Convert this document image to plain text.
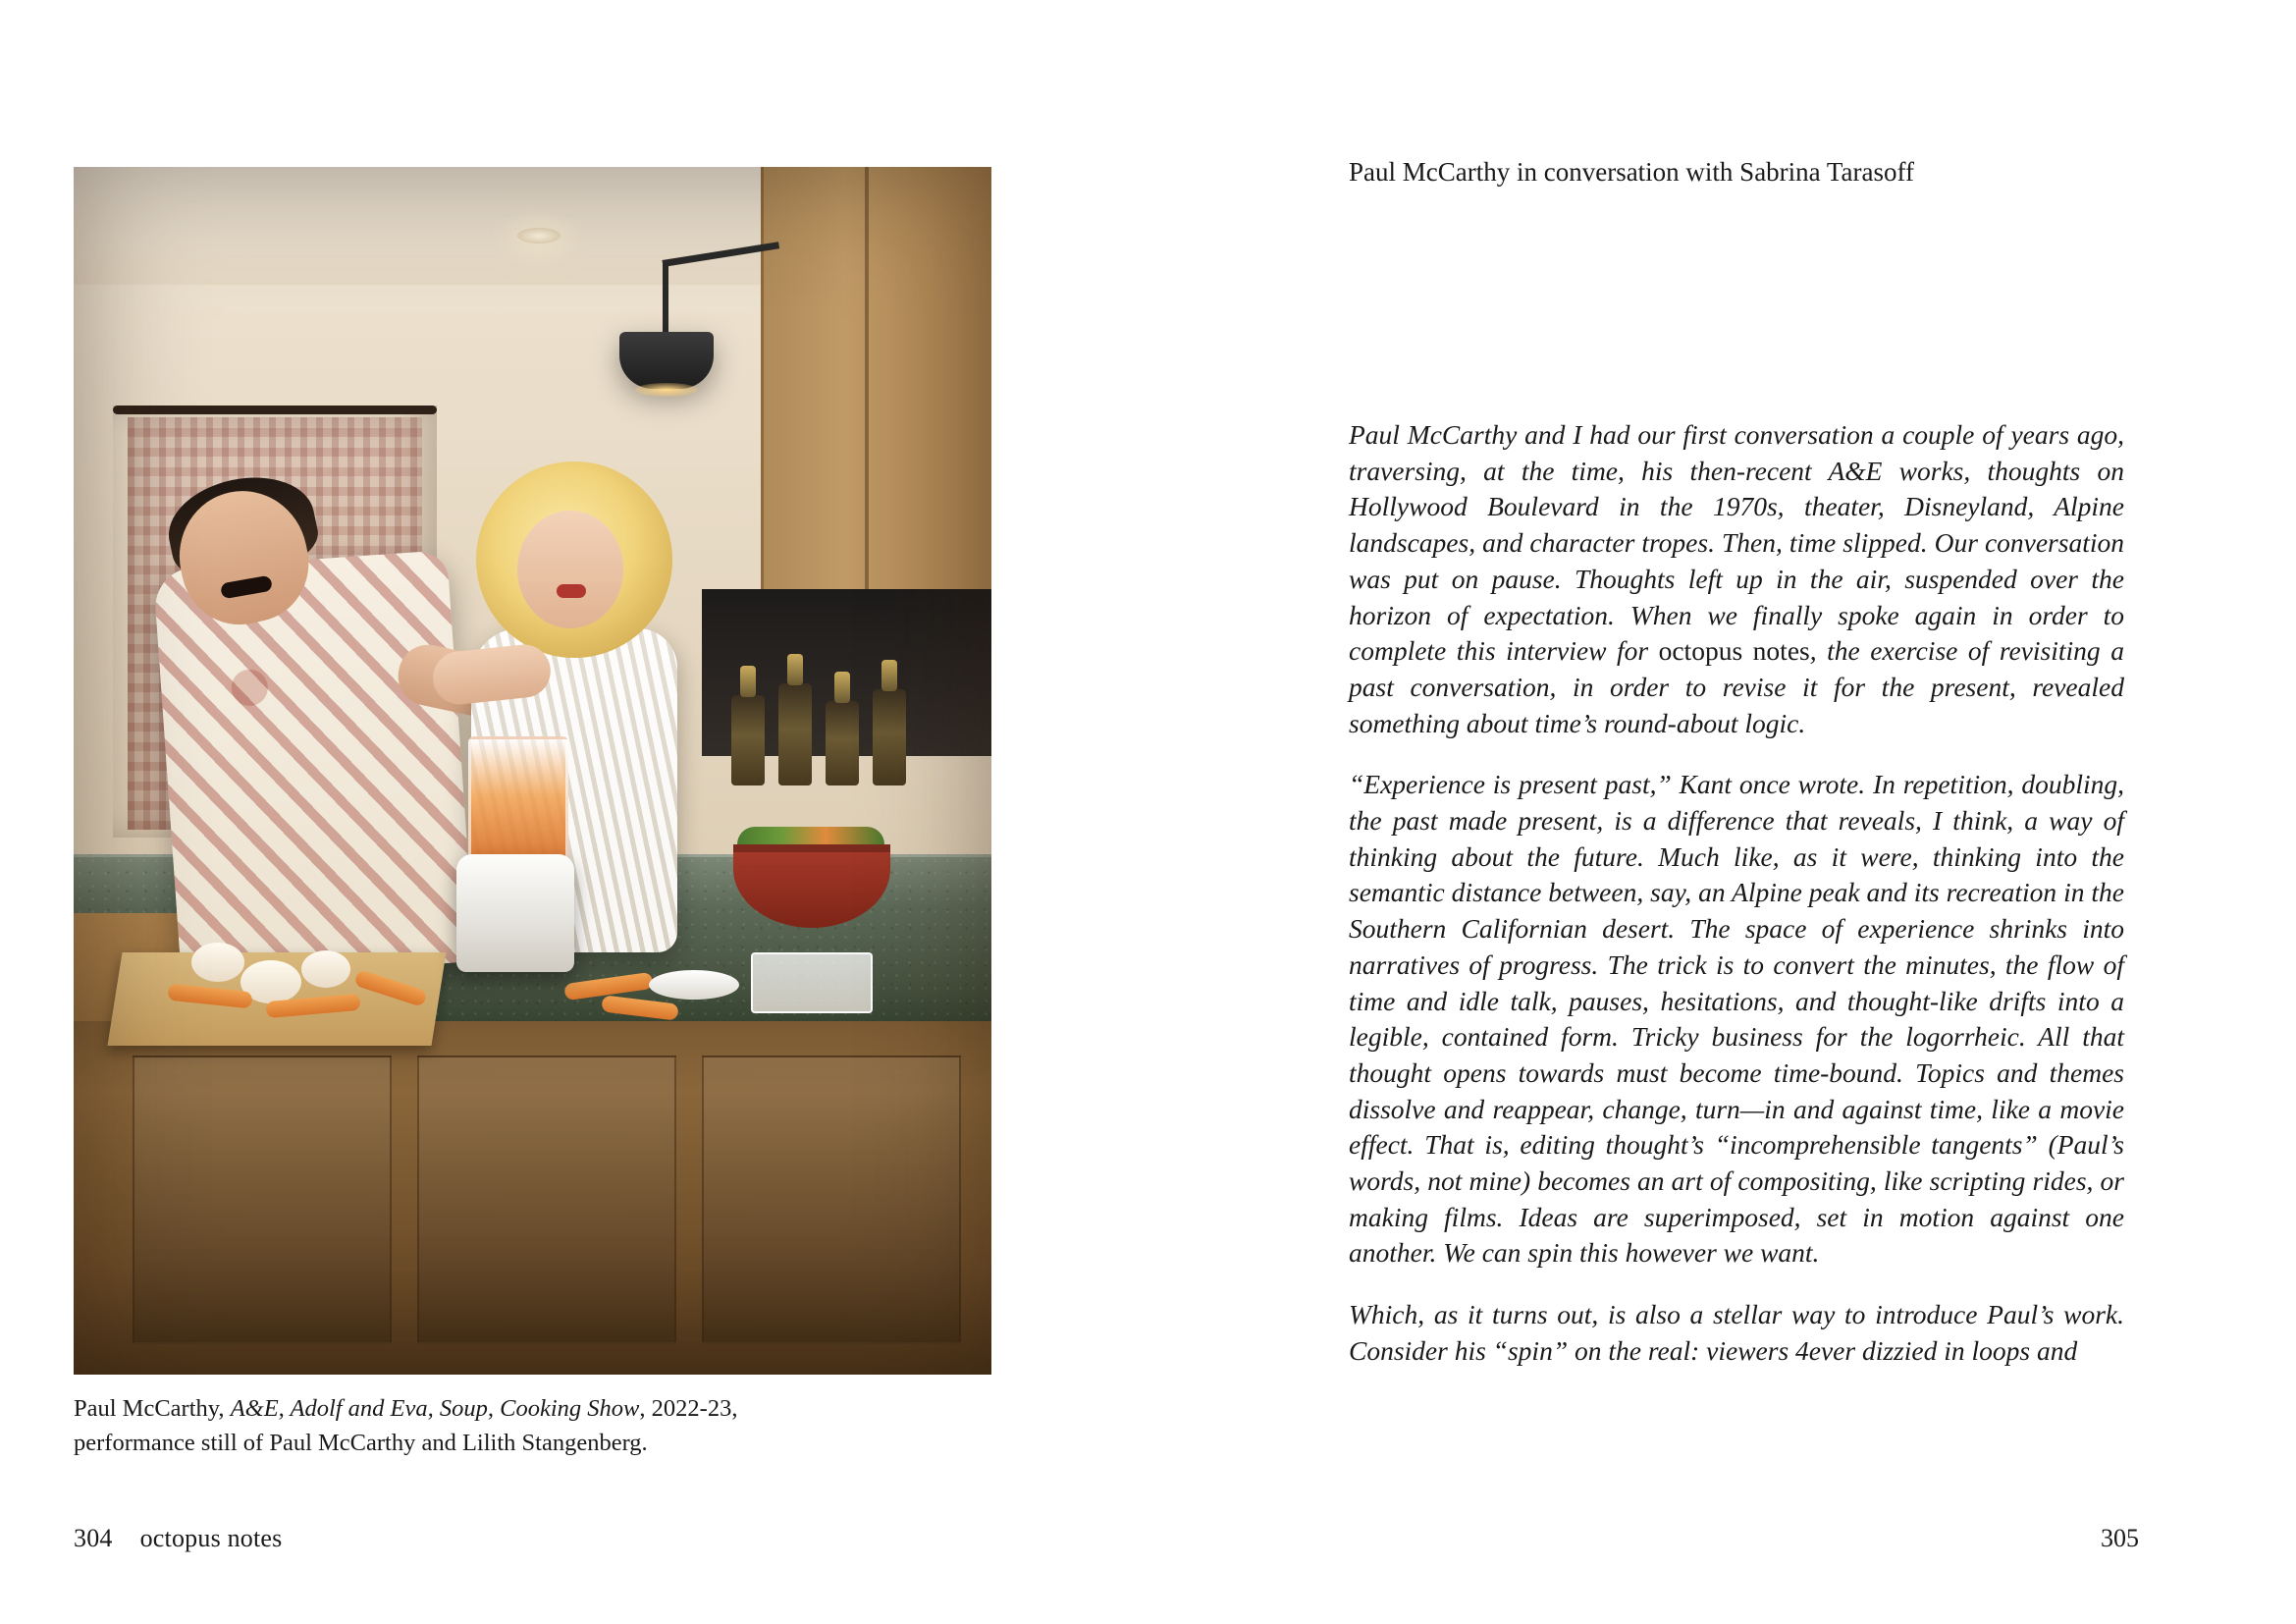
Paul McCarthy, A&E, Adolf and Eva, Soup, Cooking Show, 2022-23,
performance still of Paul McCarthy and Lilith Stangenberg.
304 octopus notes
Paul McCarthy in conversation with Sabrina Tarasoff

Paul McCarthy and I had our first conversation a couple of years ago, traversing, at the time, his then-recent A&E works, thoughts on Hollywood Boulevard in the 1970s, theater, Disneyland, Alpine landscapes, and character tropes. Then, time slipped. Our conversation was put on pause. Thoughts left up in the air, suspended over the horizon of expectation. When we finally spoke again in order to complete this interview for octopus notes, the exercise of revisiting a past conversation, in order to revise it for the present, revealed something about time’s round-about logic.

“Experience is present past,” Kant once wrote. In repetition, doubling, the past made present, is a difference that reveals, I think, a way of thinking about the future. Much like, as it were, thinking into the semantic distance between, say, an Alpine peak and its recreation in the Southern Californian desert. The space of experience shrinks into narratives of progress. The trick is to convert the minutes, the flow of time and idle talk, pauses, hesitations, and thought-like drifts into a legible, contained form. Tricky business for the logorrheic. All that thought opens towards must become time-bound. Topics and themes dissolve and reappear, change, turn—in and against time, like a movie effect. That is, editing thought’s “incomprehensible tangents” (Paul’s words, not mine) becomes an art of compositing, like scripting rides, or making films. Ideas are superimposed, set in motion against one another. We can spin this however we want.

Which, as it turns out, is also a stellar way to introduce Paul’s work. Consider his “spin” on the real: viewers 4ever dizzied in loops and

305
